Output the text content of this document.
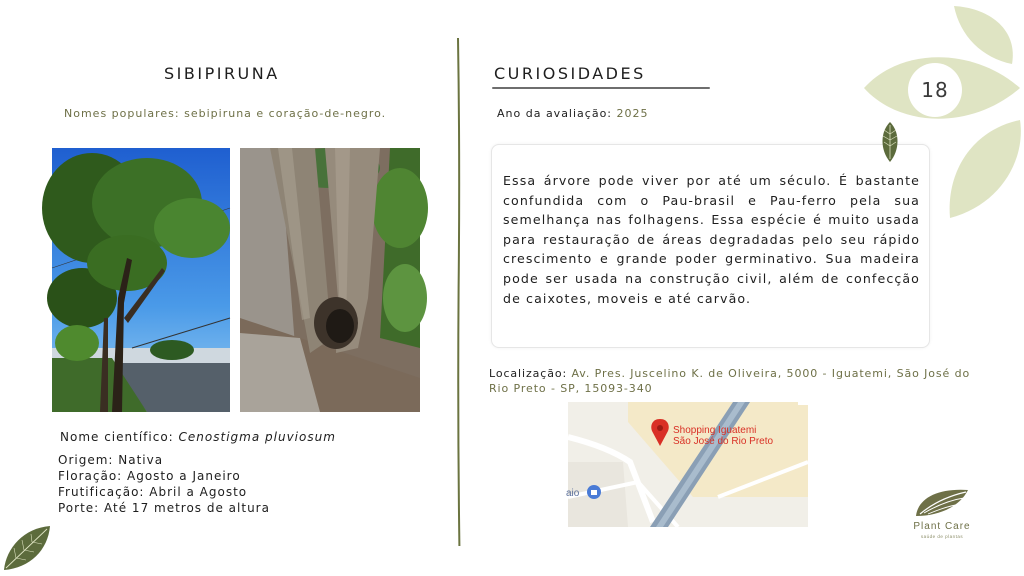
SIBIPIRUNA
Nomes populares: sebipiruna e coração-de-negro.
Nome científico: Cenostigma pluviosum
Origem: Nativa
Floração: Agosto a Janeiro
Frutificação: Abril a Agosto
Porte: Até 17 metros de altura
CURIOSIDADES
Ano da avaliação: 2025
Essa árvore pode viver por até um século. É bastante confundida com o Pau-brasil e Pau-ferro pela sua semelhança nas folhagens. Essa espécie é muito usada para restauração de áreas degradadas pelo seu rápido crescimento e grande poder germinativo. Sua madeira pode ser usada na construção civil, além de confecção de caixotes, moveis e até carvão.
Localização: Av. Pres. Juscelino K. de Oliveira, 5000 - Iguatemi, São José do Rio Preto - SP, 15093-340
Shopping Iguatemi
São José do Rio Preto
aio
18
Plant Care
saúde de plantas
